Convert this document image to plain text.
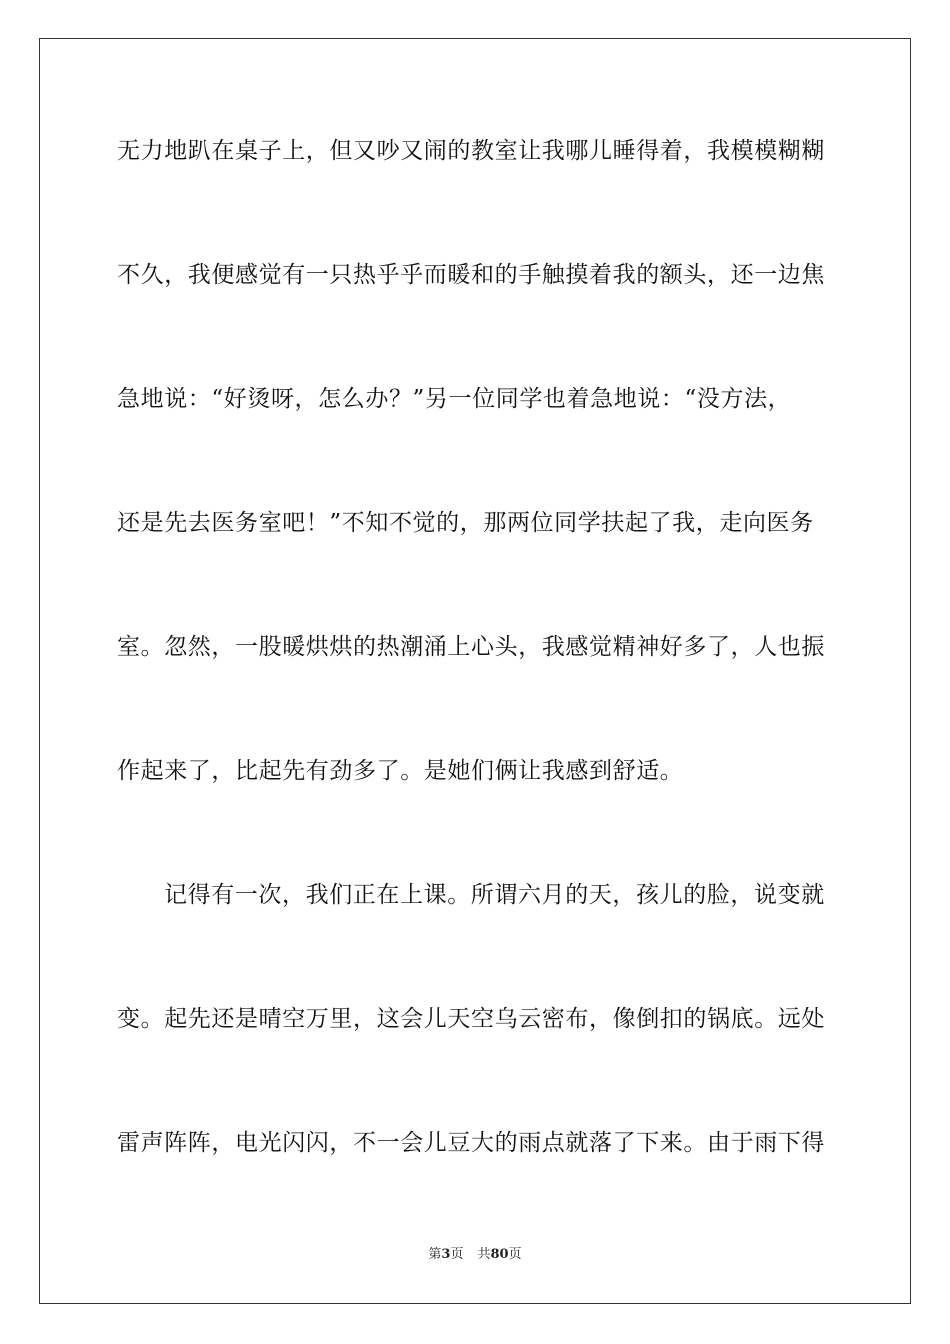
无力地趴在桌子上，但又吵又闹的教室让我哪儿睡得着，我模模糊糊
不久，我便感觉有一只热乎乎而暖和的手触摸着我的额头，还一边焦
急地说：“好烫呀，怎么办？”另一位同学也着急地说：“没方法，
还是先去医务室吧！”不知不觉的，那两位同学扶起了我，走向医务
室。忽然，一股暖烘烘的热潮涌上心头，我感觉精神好多了，人也振
作起来了，比起先有劲多了。是她们俩让我感到舒适。
记得有一次，我们正在上课。所谓六月的天，孩儿的脸，说变就
变。起先还是晴空万里，这会儿天空乌云密布，像倒扣的锅底。远处
雷声阵阵，电光闪闪，不一会儿豆大的雨点就落了下来。由于雨下得
第3页 共80页
